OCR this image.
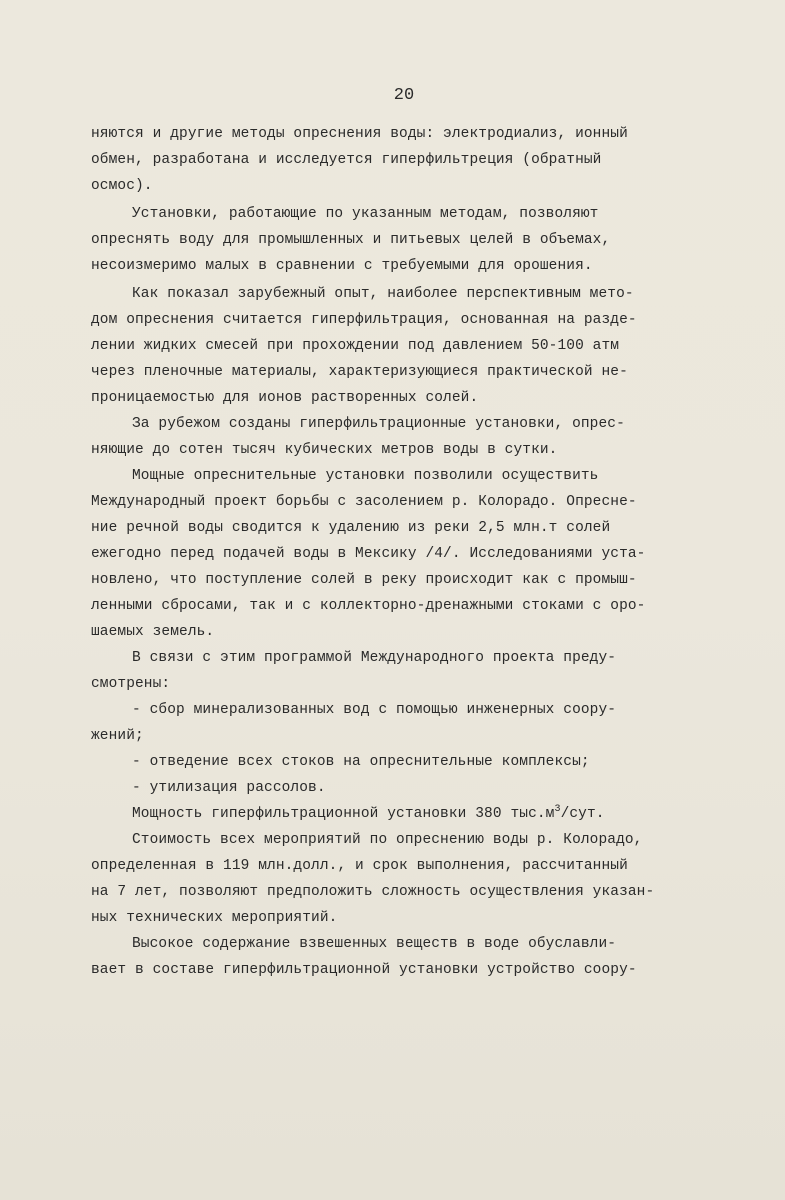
20
няются и другие методы опреснения воды: электродиализ, ионный
обмен, разработана и исследуется гиперфильтреция (обратный
осмос).
Установки, работающие по указанным методам, позволяют
опреснять воду для промышленных и питьевых целей в объемах,
несоизмеримо малых в сравнении с требуемыми для орошения.
Как показал зарубежный опыт, наиболее перспективным мето-
дом опреснения считается гиперфильтрация, основанная на разде-
лении жидких смесей при прохождении под давлением 50-100 атм
через пленочные материалы, характеризующиеся практической не-
проницаемостью для ионов растворенных солей.
За рубежом созданы гиперфильтрационные установки, опрес-
няющие до сотен тысяч кубических метров воды в сутки.
Мощные опреснительные установки позволили осуществить
Международный проект борьбы с засолением р. Колорадо. Опресне-
ние речной воды сводится к удалению из реки 2,5 млн.т солей
ежегодно перед подачей воды в Мексику /4/. Исследованиями уста-
новлено, что поступление солей в реку происходит как с промыш-
ленными сбросами, так и с коллекторно-дренажными стоками с оро-
шаемых земель.
В связи с этим программой Международного проекта преду-
смотрены:
- сбор минерализованных вод с помощью инженерных соору-
жений;
- отведение всех стоков на опреснительные комплексы;
- утилизация рассолов.
Мощность гиперфильтрационной установки 380 $тыс.м^3$/сут.
Стоимость всех мероприятий по опреснению воды р. Колорадо,
определенная в 119 млн.долл., и срок выполнения, рассчитанный
на 7 лет, позволяют предположить сложность осуществления указан-
ных технических мероприятий.
Высокое содержание взвешенных веществ в воде обуславли-
вает в составе гиперфильтрационной установки устройство соору-
